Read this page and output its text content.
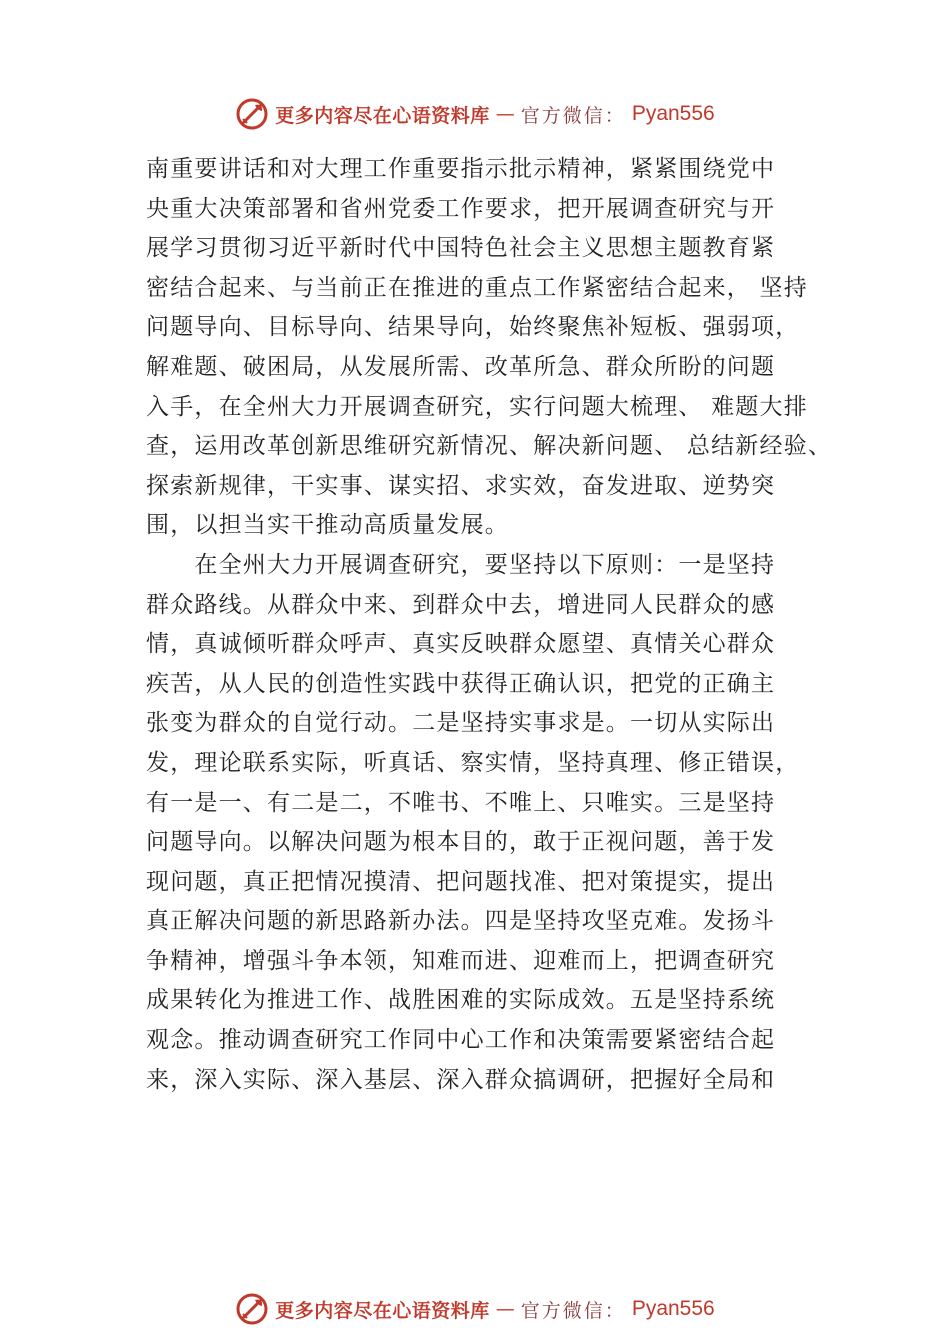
更多内容尽在心语资料库 — 官方微信： Pyan556
南重要讲话和对大理工作重要指示批示精神，紧紧围绕党中
央重大决策部署和省州党委工作要求，把开展调查研究与开
展学习贯彻习近平新时代中国特色社会主义思想主题教育紧
密结合起来、与当前正在推进的重点工作紧密结合起来， 坚持
问题导向、目标导向、结果导向，始终聚焦补短板、强弱项，
解难题、破困局，从发展所需、改革所急、群众所盼的问题
入手，在全州大力开展调查研究，实行问题大梳理、 难题大排
查，运用改革创新思维研究新情况、解决新问题、 总结新经验、
探索新规律，干实事、谋实招、求实效，奋发进取、逆势突
围，以担当实干推动高质量发展。
　　在全州大力开展调查研究，要坚持以下原则：一是坚持
群众路线。从群众中来、到群众中去，增进同人民群众的感
情，真诚倾听群众呼声、真实反映群众愿望、真情关心群众
疾苦，从人民的创造性实践中获得正确认识，把党的正确主
张变为群众的自觉行动。二是坚持实事求是。一切从实际出
发，理论联系实际，听真话、察实情，坚持真理、修正错误，
有一是一、有二是二，不唯书、不唯上、只唯实。三是坚持
问题导向。以解决问题为根本目的，敢于正视问题，善于发
现问题，真正把情况摸清、把问题找准、把对策提实，提出
真正解决问题的新思路新办法。四是坚持攻坚克难。发扬斗
争精神，增强斗争本领，知难而进、迎难而上，把调查研究
成果转化为推进工作、战胜困难的实际成效。五是坚持系统
观念。推动调查研究工作同中心工作和决策需要紧密结合起
来，深入实际、深入基层、深入群众搞调研，把握好全局和
更多内容尽在心语资料库 — 官方微信： Pyan556
